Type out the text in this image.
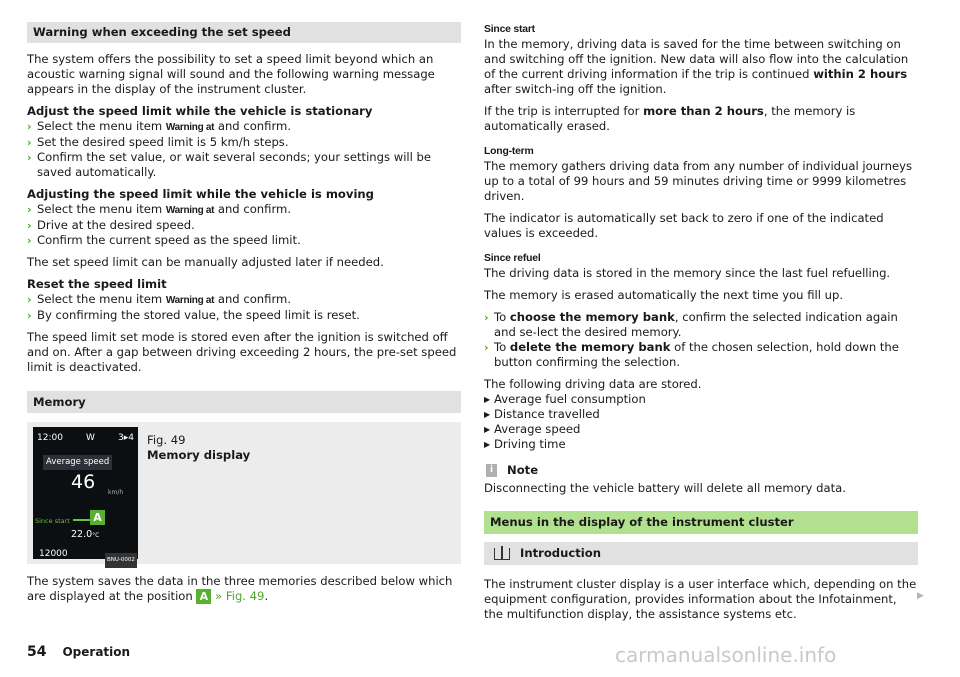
Warning when exceeding the set speed

The system offers the possibility to set a speed limit beyond which an acoustic warning signal will sound and the following warning message appears in the display of the instrument cluster.

Adjust the speed limit while the vehicle is stationary
› Select the menu item Warning at and confirm.
› Set the desired speed limit is 5 km/h steps.
› Confirm the set value, or wait several seconds; your settings will be saved automatically.
Adjusting the speed limit while the vehicle is moving
› Select the menu item Warning at and confirm.
› Drive at the desired speed.
› Confirm the current speed as the speed limit.

The set speed limit can be manually adjusted later if needed.

Reset the speed limit
› Select the menu item Warning at and confirm.
› By confirming the stored value, the speed limit is reset.

The speed limit set mode is stored even after the ignition is switched off and on. After a gap between driving exceeding 2 hours, the pre-set speed limit is deactivated.

Memory
12:00	W	3▸4
Average speed
46 km/h
Since start A
22.0°C
12000
BNU-0002
Fig. 49
Memory display

The system saves the data in the three memories described below which are displayed at the position A » Fig. 49.

Since start

In the memory, driving data is saved for the time between switching on and switching off the ignition. New data will also flow into the calculation of the current driving information if the trip is continued within 2 hours after switch-ing off the ignition.

If the trip is interrupted for more than 2 hours, the memory is automatically erased.

Long-term

The memory gathers driving data from any number of individual journeys up to a total of 99 hours and 59 minutes driving time or 9999 kilometres driven.

The indicator is automatically set back to zero if one of the indicated values is exceeded.

Since refuel

The driving data is stored in the memory since the last fuel refuelling.

The memory is erased automatically the next time you fill up.

› To choose the memory bank, confirm the selected indication again and se-lect the desired memory.
› To delete the memory bank of the chosen selection, hold down the button confirming the selection.
The following driving data are stored.
▶ Average fuel consumption
▶ Distance travelled
▶ Average speed
▶ Driving time
i	Note

Disconnecting the vehicle battery will delete all memory data.

Menus in the display of the instrument cluster
Introduction

The instrument cluster display is a user interface which, depending on the equipment configuration, provides information about the Infotainment, the multifunction display, the assistance systems etc.

▶
54 Operation	carmanualsonline.info
